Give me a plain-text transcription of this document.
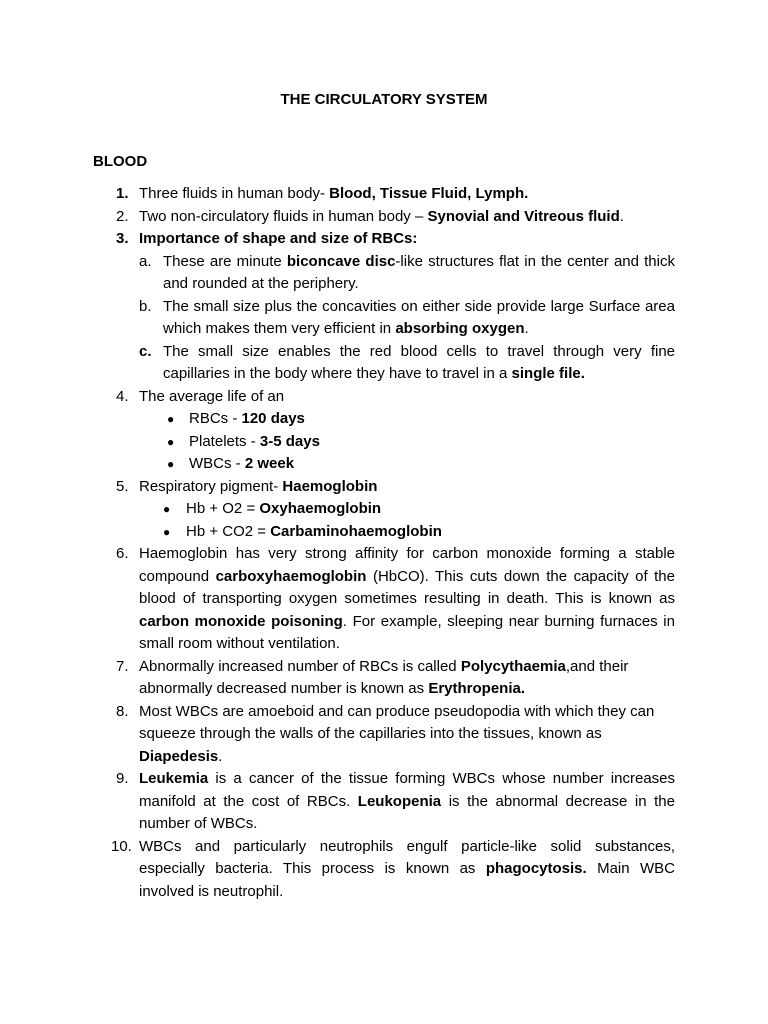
THE CIRCULATORY SYSTEM
BLOOD
1. Three fluids in human body- Blood, Tissue Fluid, Lymph.
2. Two non-circulatory fluids in human body – Synovial and Vitreous fluid.
3. Importance of shape and size of RBCs:
a. These are minute biconcave disc-like structures flat in the center and thick and rounded at the periphery.
b. The small size plus the concavities on either side provide large Surface area which makes them very efficient in absorbing oxygen.
c. The small size enables the red blood cells to travel through very fine capillaries in the body where they have to travel in a single file.
4. The average life of an
● RBCs - 120 days
● Platelets - 3-5 days
● WBCs - 2 week
5. Respiratory pigment- Haemoglobin
● Hb + O2 = Oxyhaemoglobin
● Hb + CO2 = Carbaminohaemoglobin
6. Haemoglobin has very strong affinity for carbon monoxide forming a stable compound carboxyhaemoglobin (HbCO). This cuts down the capacity of the blood of transporting oxygen sometimes resulting in death. This is known as carbon monoxide poisoning. For example, sleeping near burning furnaces in small room without ventilation.
7. Abnormally increased number of RBCs is called Polycythaemia,and their abnormally decreased number is known as Erythropenia.
8. Most WBCs are amoeboid and can produce pseudopodia with which they can squeeze through the walls of the capillaries into the tissues, known as Diapedesis.
9. Leukemia is a cancer of the tissue forming WBCs whose number increases manifold at the cost of RBCs. Leukopenia is the abnormal decrease in the number of WBCs.
10. WBCs and particularly neutrophils engulf particle-like solid substances, especially bacteria. This process is known as phagocytosis. Main WBC involved is neutrophil.
